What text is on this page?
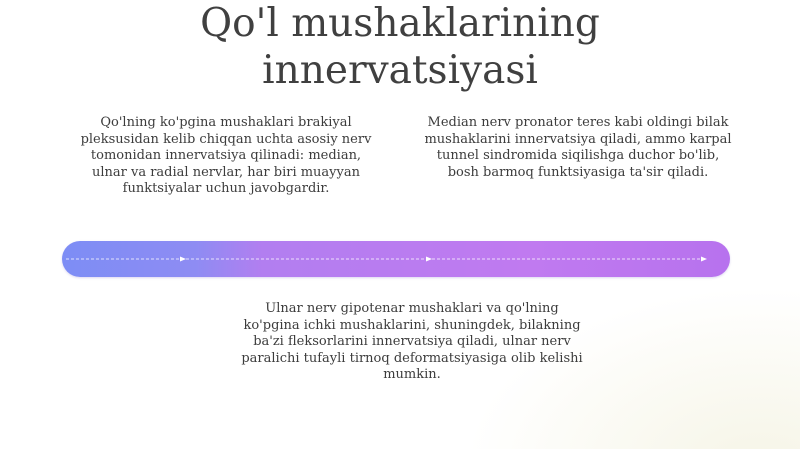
Qo'l mushaklarining innervatsiyasi
Qo'lning ko'pgina mushaklari brakiyal pleksusidan kelib chiqqan uchta asosiy nerv tomonidan innervatsiya qilinadi: median, ulnar va radial nervlar, har biri muayyan funktsiyalar uchun javobgardir.
Median nerv pronator teres kabi oldingi bilak mushaklarini innervatsiya qiladi, ammo karpal tunnel sindromida siqilishga duchor bo'lib, bosh barmoq funktsiyasiga ta'sir qiladi.
Ulnar nerv gipotenar mushaklari va qo'lning ko'pgina ichki mushaklarini, shuningdek, bilakning ba'zi fleksorlarini innervatsiya qiladi, ulnar nerv paralichi tufayli tirnoq deformatsiyasiga olib kelishi mumkin.
